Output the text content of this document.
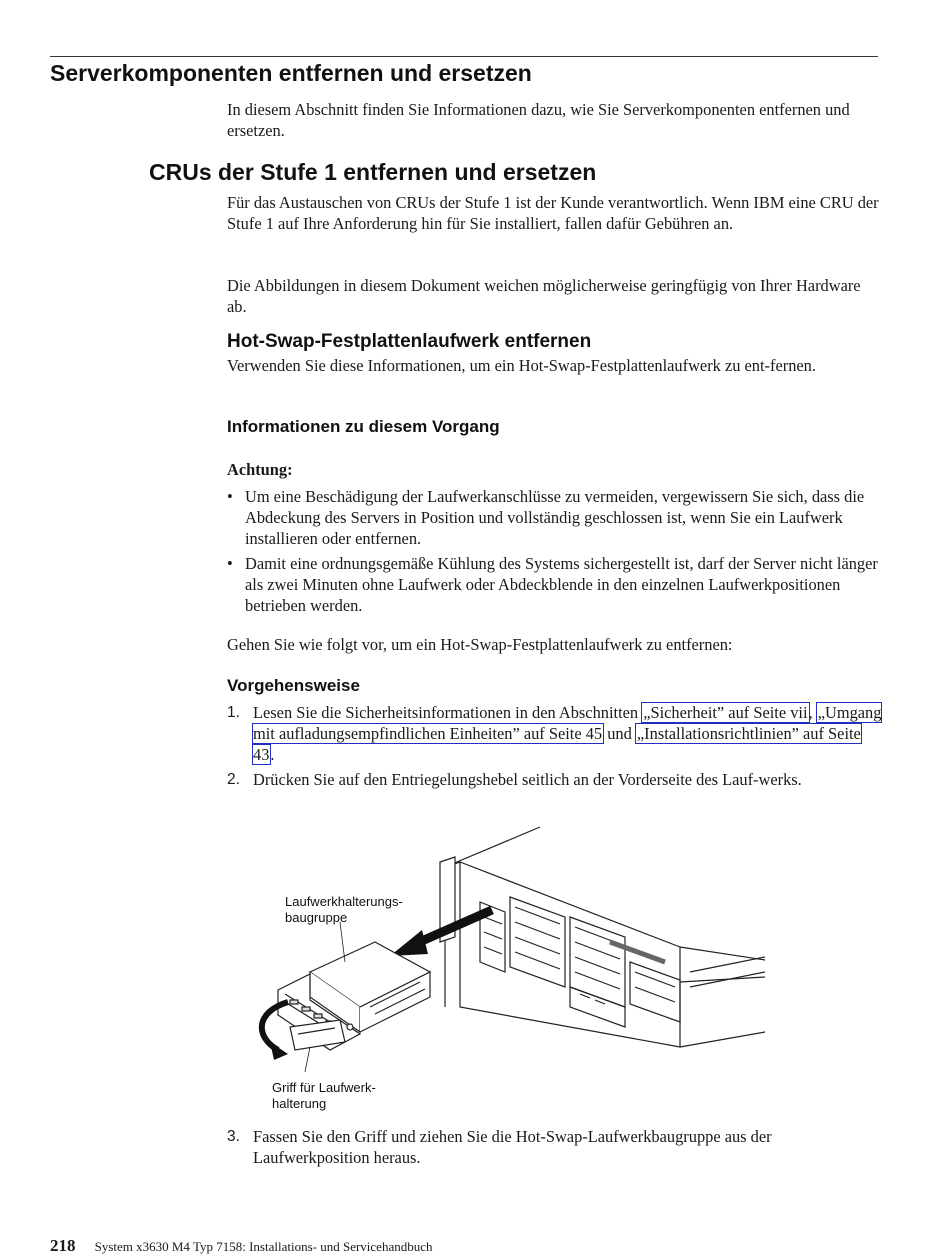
Serverkomponenten entfernen und ersetzen

In diesem Abschnitt finden Sie Informationen dazu, wie Sie Serverkomponenten entfernen und ersetzen.

CRUs der Stufe 1 entfernen und ersetzen

Für das Austauschen von CRUs der Stufe 1 ist der Kunde verantwortlich. Wenn IBM eine CRU der Stufe 1 auf Ihre Anforderung hin für Sie installiert, fallen dafür Gebühren an.

Die Abbildungen in diesem Dokument weichen möglicherweise geringfügig von Ihrer Hardware ab.

Hot-Swap-Festplattenlaufwerk entfernen

Verwenden Sie diese Informationen, um ein Hot-Swap-Festplattenlaufwerk zu ent-fernen.

Informationen zu diesem Vorgang

Achtung:

• Um eine Beschädigung der Laufwerkanschlüsse zu vermeiden, vergewissern Sie sich, dass die Abdeckung des Servers in Position und vollständig geschlossen ist, wenn Sie ein Laufwerk installieren oder entfernen.
• Damit eine ordnungsgemäße Kühlung des Systems sichergestellt ist, darf der Server nicht länger als zwei Minuten ohne Laufwerk oder Abdeckblende in den einzelnen Laufwerkpositionen betrieben werden.

Gehen Sie wie folgt vor, um ein Hot-Swap-Festplattenlaufwerk zu entfernen:

Vorgehensweise
1. Lesen Sie die Sicherheitsinformationen in den Abschnitten „Sicherheit” auf Seite vii, „Umgang mit aufladungsempfindlichen Einheiten” auf Seite 45 und „Installationsrichtlinien” auf Seite 43.
2. Drücken Sie auf den Entriegelungshebel seitlich an der Vorderseite des Lauf-werks.
Laufwerkhalterungs-
baugruppe
Griff für Laufwerk-
halterung
3. Fassen Sie den Griff und ziehen Sie die Hot-Swap-Laufwerkbaugruppe aus der Laufwerkposition heraus.
218 System x3630 M4 Typ 7158: Installations- und Servicehandbuch
